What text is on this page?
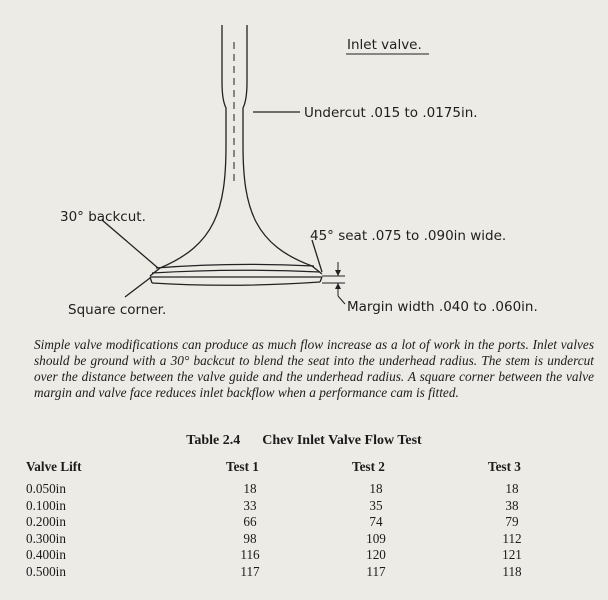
Inlet valve.
Undercut .015 to .0175in.
30° backcut.
45° seat .075 to .090in wide.
Square corner.	Margin width .040 to .060in.

Simple valve modifications can produce as much flow increase as a lot of work in the ports. Inlet valves should be ground with a 30° backcut to blend the seat into the underhead radius. The stem is undercut over the distance between the valve guide and the underhead radius. A square corner between the valve margin and valve face reduces inlet backflow when a performance cam is fitted.

Table 2.4 Chev Inlet Valve Flow Test
Valve Lift	Test 1		Test 2		Test 3
0.050in	18		18		18
0.100in	33		35		38
0.200in	66		74		79
0.300in	98		109		112
0.400in	116		120		121
0.500in	117		117		118
